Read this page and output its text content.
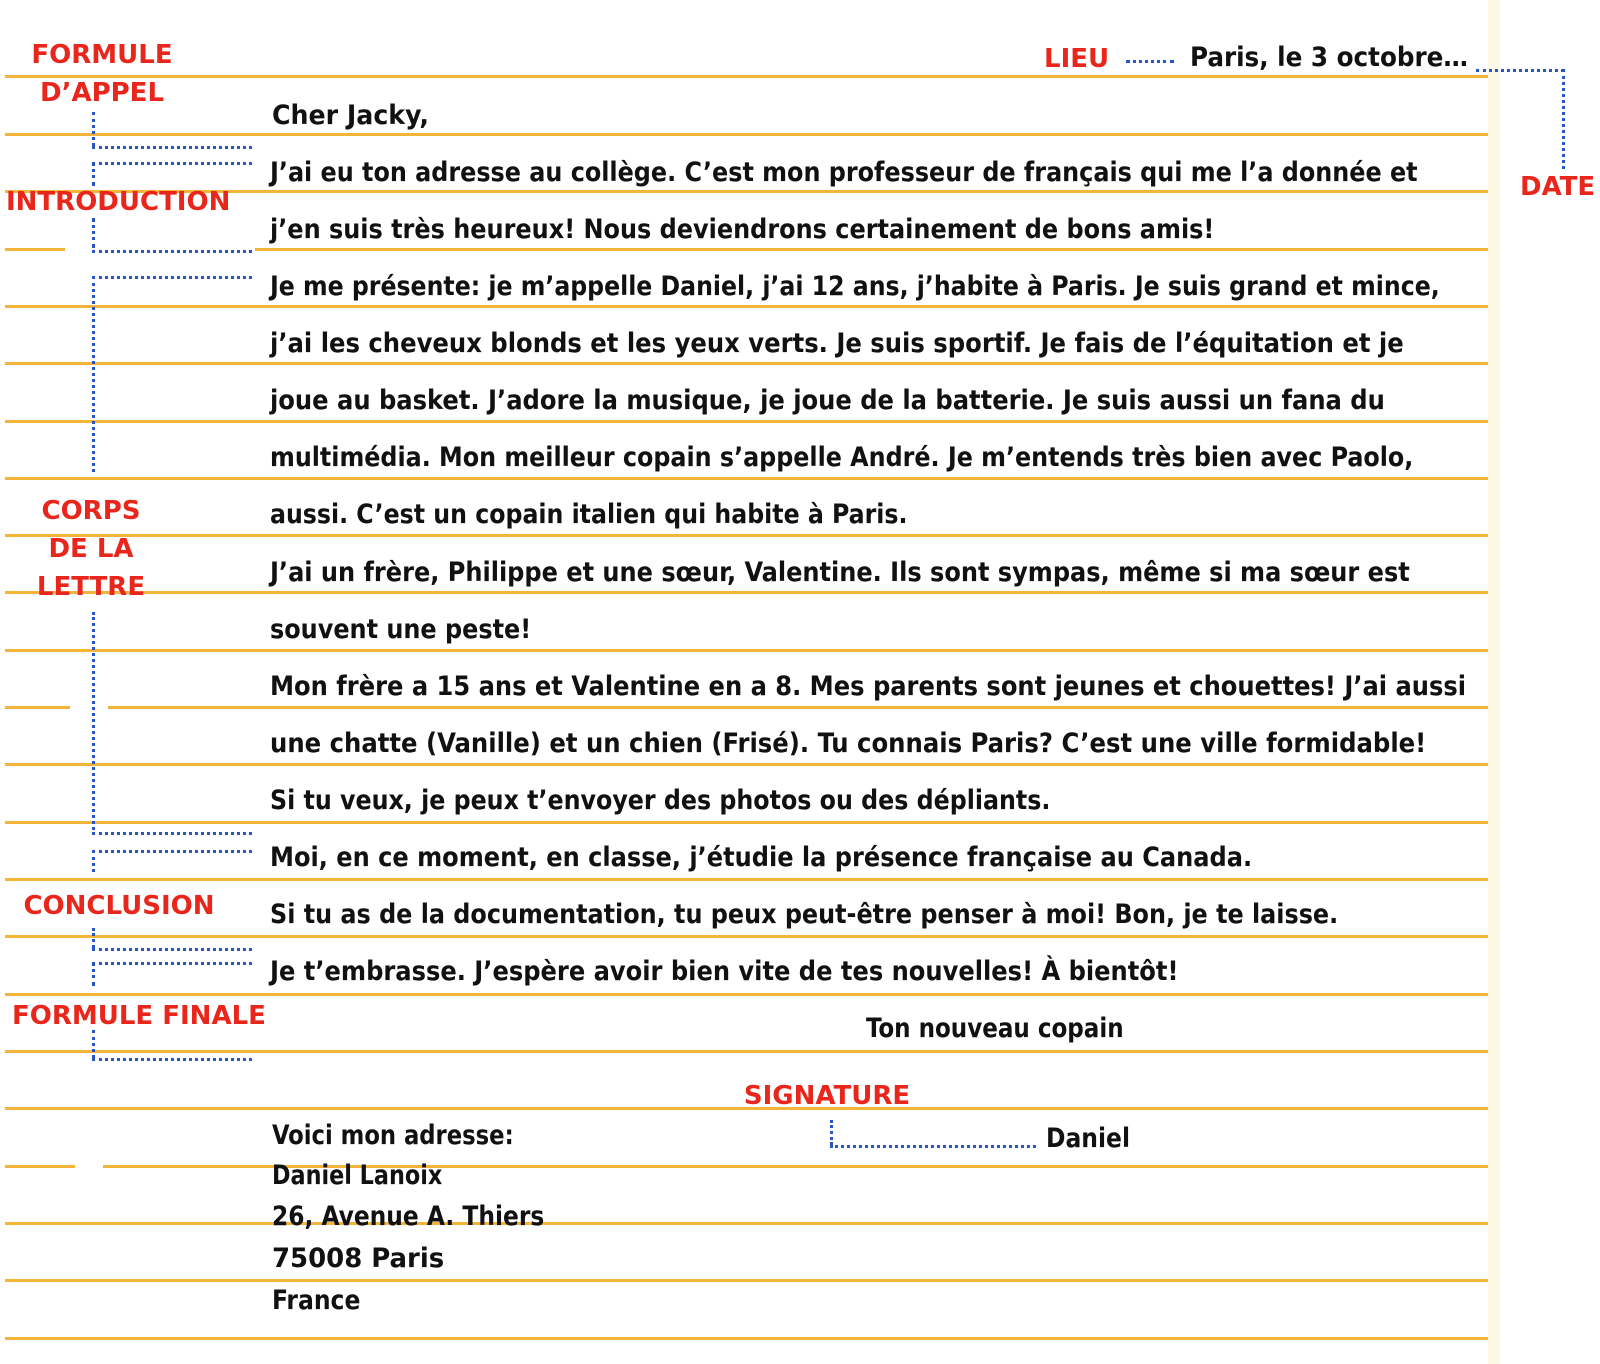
FORMULE
D’APPEL
INTRODUCTION
CORPS
DE LA
LETTRE
CONCLUSION
FORMULE FINALE
LIEU
DATE
SIGNATURE
Paris, le 3 octobre…
Cher Jacky,
J’ai eu ton adresse au collège. C’est mon professeur de français qui me l’a donnée et
j’en suis très heureux! Nous deviendrons certainement de bons amis!
Je me présente: je m’appelle Daniel, j’ai 12 ans, j’habite à Paris. Je suis grand et mince,
j’ai les cheveux blonds et les yeux verts. Je suis sportif. Je fais de l’équitation et je
joue au basket. J’adore la musique, je joue de la batterie. Je suis aussi un fana du
multimédia. Mon meilleur copain s’appelle André. Je m’entends très bien avec Paolo,
aussi. C’est un copain italien qui habite à Paris.
J’ai un frère, Philippe et une sœur, Valentine. Ils sont sympas, même si ma sœur est
souvent une peste!
Mon frère a 15 ans et Valentine en a 8. Mes parents sont jeunes et chouettes! J’ai aussi
une chatte (Vanille) et un chien (Frisé). Tu connais Paris? C’est une ville formidable!
Si tu veux, je peux t’envoyer des photos ou des dépliants.
Moi, en ce moment, en classe, j’étudie la présence française au Canada.
Si tu as de la documentation, tu peux peut-être penser à moi! Bon, je te laisse.
Je t’embrasse. J’espère avoir bien vite de tes nouvelles! À bientôt!
Ton nouveau copain
Daniel
Voici mon adresse:
Daniel Lanoix
26, Avenue A. Thiers
75008 Paris
France
